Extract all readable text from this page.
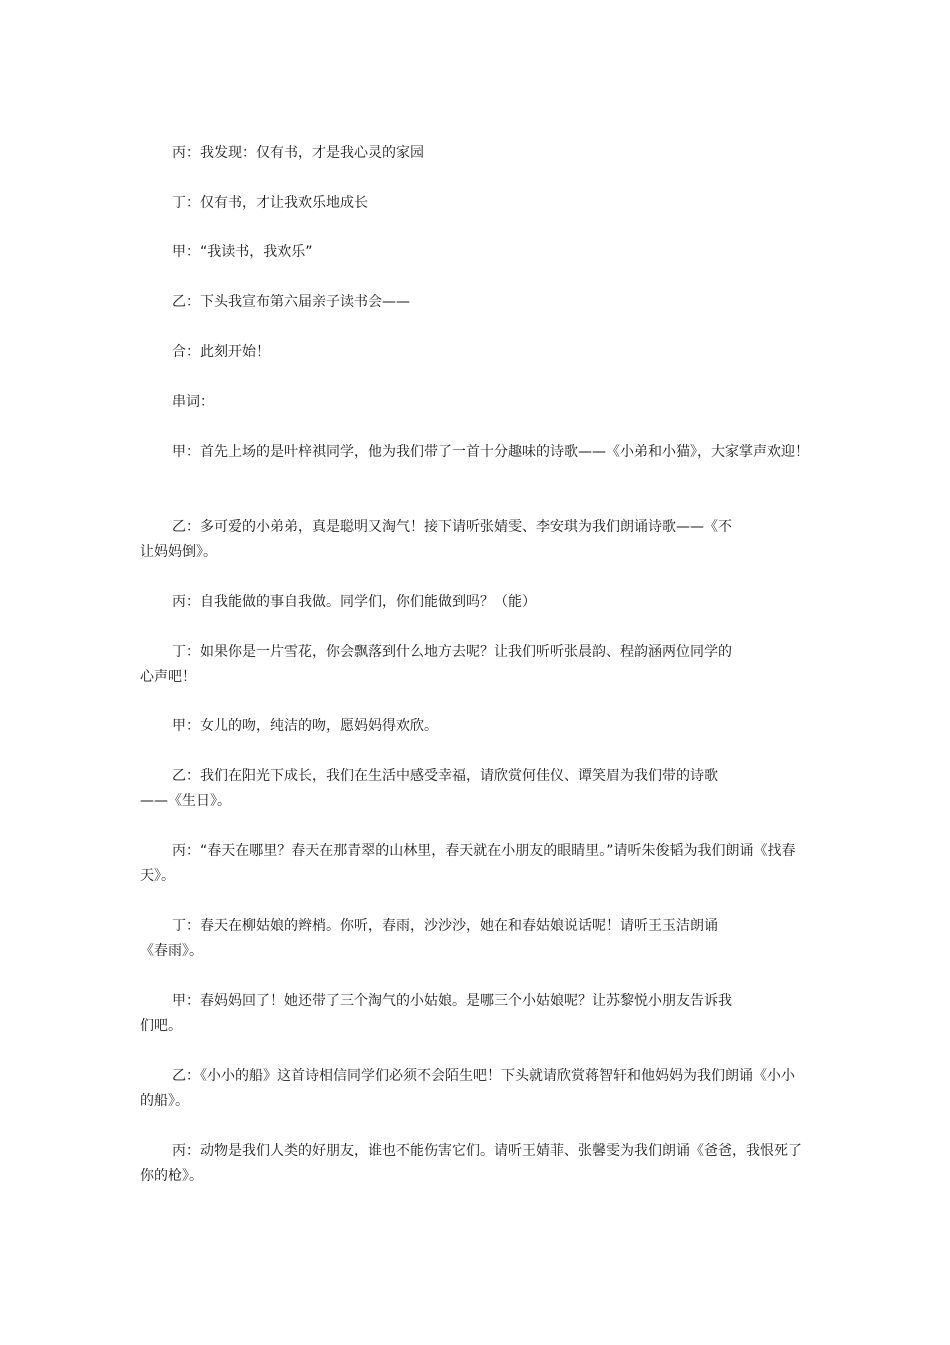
丙：我发现：仅有书，才是我心灵的家园

丁：仅有书，才让我欢乐地成长

甲：“我读书，我欢乐”

乙：下头我宣布第六届亲子读书会——

合：此刻开始！

串词：

甲：首先上场的是叶梓祺同学，他为我们带了一首十分趣味的诗歌——《小弟和小猫》，大家掌声欢迎！

乙：多可爱的小弟弟，真是聪明又淘气！接下请听张婧雯、李安琪为我们朗诵诗歌——《不让妈妈倒》。

丙：自我能做的事自我做。同学们，你们能做到吗？（能）

丁：如果你是一片雪花，你会飘落到什么地方去呢？让我们听听张晨韵、程韵涵两位同学的心声吧！

甲：女儿的吻，纯洁的吻，愿妈妈得欢欣。

乙：我们在阳光下成长，我们在生活中感受幸福，请欣赏何佳仪、谭笑眉为我们带的诗歌——《生日》。

丙：“春天在哪里？春天在那青翠的山林里，春天就在小朋友的眼睛里。”请听朱俊韬为我们朗诵《找春天》。

丁：春天在柳姑娘的辫梢。你听，春雨，沙沙沙，她在和春姑娘说话呢！请听王玉洁朗诵《春雨》。

甲：春妈妈回了！她还带了三个淘气的小姑娘。是哪三个小姑娘呢？让苏黎悦小朋友告诉我们吧。

乙：《小小的船》这首诗相信同学们必须不会陌生吧！下头就请欣赏蒋智轩和他妈妈为我们朗诵《小小的船》。

丙：动物是我们人类的好朋友，谁也不能伤害它们。请听王婧菲、张馨雯为我们朗诵《爸爸，我恨死了你的枪》。
